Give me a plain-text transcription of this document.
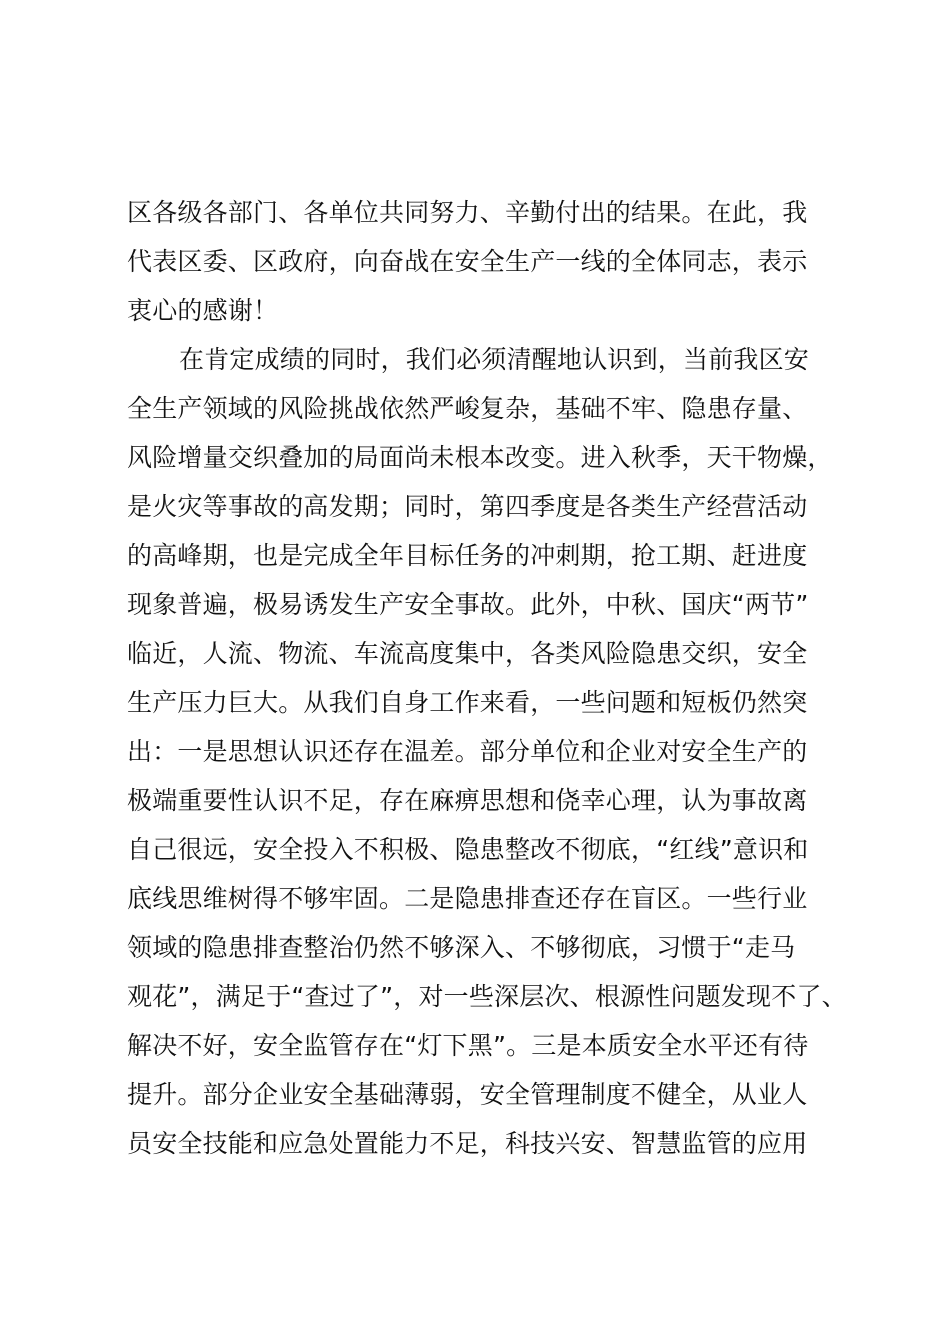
区各级各部门、各单位共同努力、辛勤付出的结果。在此，我
代表区委、区政府，向奋战在安全生产一线的全体同志，表示
衷心的感谢！
在肯定成绩的同时，我们必须清醒地认识到，当前我区安
全生产领域的风险挑战依然严峻复杂，基础不牢、隐患存量、
风险增量交织叠加的局面尚未根本改变。进入秋季，天干物燥，
是火灾等事故的高发期；同时，第四季度是各类生产经营活动
的高峰期，也是完成全年目标任务的冲刺期，抢工期、赶进度
现象普遍，极易诱发生产安全事故。此外，中秋、国庆“两节”
临近，人流、物流、车流高度集中，各类风险隐患交织，安全
生产压力巨大。从我们自身工作来看，一些问题和短板仍然突
出：一是思想认识还存在温差。部分单位和企业对安全生产的
极端重要性认识不足，存在麻痹思想和侥幸心理，认为事故离
自己很远，安全投入不积极、隐患整改不彻底，“红线”意识和
底线思维树得不够牢固。二是隐患排查还存在盲区。一些行业
领域的隐患排查整治仍然不够深入、不够彻底，习惯于“走马
观花”，满足于“查过了”，对一些深层次、根源性问题发现不了、
解决不好，安全监管存在“灯下黑”。三是本质安全水平还有待
提升。部分企业安全基础薄弱，安全管理制度不健全，从业人
员安全技能和应急处置能力不足，科技兴安、智慧监管的应用
